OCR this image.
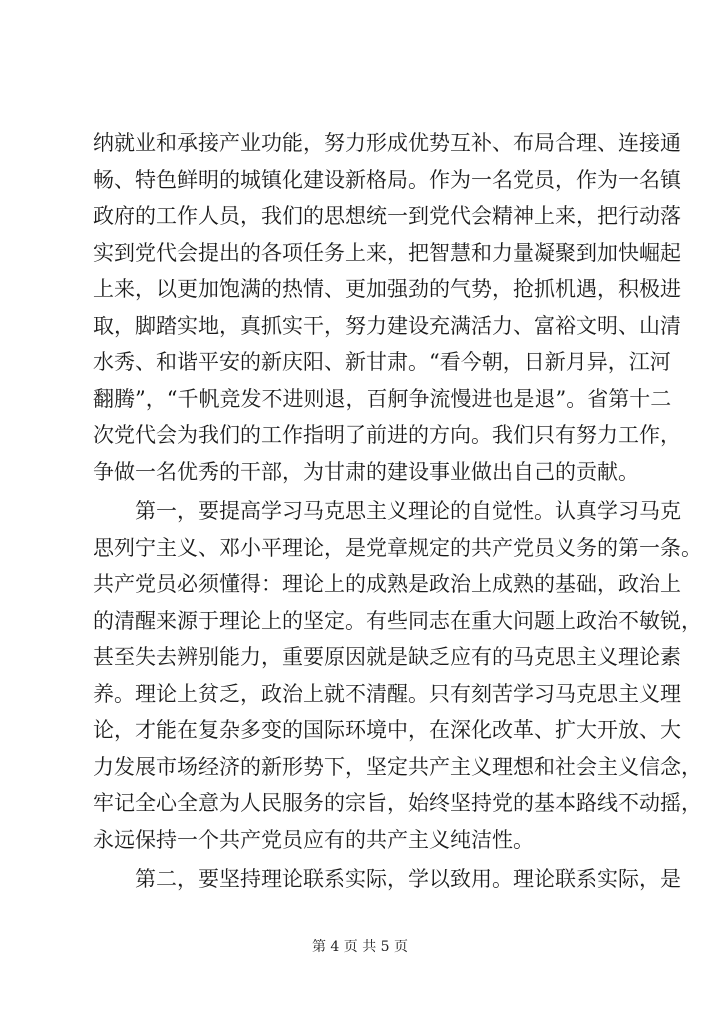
纳就业和承接产业功能，努力形成优势互补、布局合理、连接通
畅、特色鲜明的城镇化建设新格局。作为一名党员，作为一名镇
政府的工作人员，我们的思想统一到党代会精神上来，把行动落
实到党代会提出的各项任务上来，把智慧和力量凝聚到加快崛起
上来，以更加饱满的热情、更加强劲的气势，抢抓机遇，积极进
取，脚踏实地，真抓实干，努力建设充满活力、富裕文明、山清
水秀、和谐平安的新庆阳、新甘肃。“看今朝，日新月异，江河
翻腾”，“千帆竞发不进则退，百舸争流慢进也是退”。省第十二
次党代会为我们的工作指明了前进的方向。我们只有努力工作，
争做一名优秀的干部，为甘肃的建设事业做出自己的贡献。
第一，要提高学习马克思主义理论的自觉性。认真学习马克
思列宁主义、邓小平理论，是党章规定的共产党员义务的第一条。
共产党员必须懂得：理论上的成熟是政治上成熟的基础，政治上
的清醒来源于理论上的坚定。有些同志在重大问题上政治不敏锐，
甚至失去辨别能力，重要原因就是缺乏应有的马克思主义理论素
养。理论上贫乏，政治上就不清醒。只有刻苦学习马克思主义理
论，才能在复杂多变的国际环境中，在深化改革、扩大开放、大
力发展市场经济的新形势下，坚定共产主义理想和社会主义信念，
牢记全心全意为人民服务的宗旨，始终坚持党的基本路线不动摇，
永远保持一个共产党员应有的共产主义纯洁性。
第二，要坚持理论联系实际，学以致用。理论联系实际，是
第 4 页 共 5 页
